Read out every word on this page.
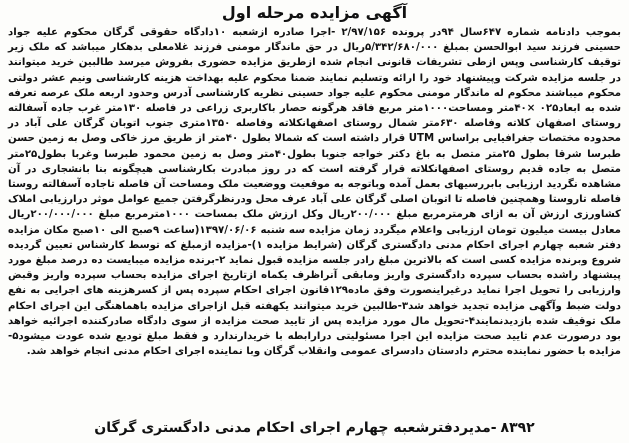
آگهی مزایده مرحله اول

بموجب دادنامه شماره ۶۴۷سال ۹۴در پرونده ۲/۹۷/۱۵۶ -اجرا صادره ازشعبه ۱۰دادگاه حقوقی گرگان محکوم علیه جواد حسینی فرزند سید ابوالحسن بمبلغ ۵/۳۴۲/۶۸۰/۰۰۰ریال در حق ماندگار مومنی فرزند غلامعلی بدهکار میباشد که ملک زیر توقیف کارشناسی وپس ازطی تشریفات قانونی انجام شده ازطریق مزایده حضوری بفروش میرسد طالبین خرید میتوانند در جلسه مزایده شرکت وپیشنهاد خود را ارائه وتسلیم نمایند ضمنا محکوم علیه بهداخت هزینه کارشناسی ونیم عشر دولتی محکوم میباشند محکوم له ماندگار مومنی محکوم علیه جواد حسینی نظریه کارشناسی آدرس وحدود اربعه ملک عرصه تعرفه شده به ابعاد۰۲۵ ×۴۰متر ومساحت۱۰۰۰متر مربع فاقد هرگونه حصار باکاربری زراعی در فاصله ۱۳۰متر غرب جاده آسفالته روستای اصفهان کلاته وفاصله ۶۳۰متر شمال روستای اصفهانکلاته وفاصله ۱۳۵۰متری جنوب اتوبان گرگان علی آباد در محدوده مختصات جغرافیایی براساس UTM قرار داشته است که شمالا بطول ۴۰متر از طریق مرز خاکی وصل به زمین حسن طبرسا شرقا بطول ۲۵متر متصل به باغ دکتر خواجه جنوبا بطول۴۰متر وصل به زمین محمود طبرسا وغربا بطول۲۵متر متصل به جاده قدیم روستای اصفهانکلاته قرار گرفته است که در روز مبادرت بکارشناسی هیچگونه بنا بانشجاری در آن مشاهده نگردید ارزیابی بابررسیهای بعمل آمده وباتوجه به موقعیت ووضعیت ملک ومساحت آن فاصله تاجاده آسفالته روستا فاصله تاروستا وهمچنین فاصله تا اتوبان اصلی گرگان علی آباد عرف محل ودرنظرگرفتن جمیع عوامل موثر درارزیابی املاک کشاورزی ارزش آن به ازای هرمترمربع مبلغ ۲۰۰/۰۰۰ریال وکل ارزش ملک بمساحت ۱۰۰۰مترمربع مبلغ ۲۰۰/۰۰۰/۰۰۰ریال معادل بیست میلیون تومان ارزیابی واعلام میگردد زمان مزایده سه شنبه ۱۳۹۷/۰۶/۰۶(ساعت ۹صبح الی ۱۰صبح مکان مزایده دفتر شعبه چهارم اجرای احکام مدنی دادگستری گرگان (شرایط مزایده ۱)-مزایده ازمبلغ که توسط کارشناس تعیین گردیده شروع وبرنده مزایده کسی است که بالاترین مبلغ رادر جلسه مزایده قبول نماید ۲-برنده مزایده میبایست ده درصد مبلغ مورد پیشنهاد راشده بحساب سپرده دادگستری واریز ومابقی آنراظرف یکماه ازتاریخ اجرای مزایده بحساب سپرده واریز وقبض وارزیابی را تحویل اجرا نماید درغیراینصورت وفق ماده۱۲۹قانون اجرای احکام سپرده پس از کسرهزینه های اجرایی به نفع دولت ضبط وآگهی مزایده تجدید خواهد شد۳-طالبین خرید میتوانند یکهفته قبل ازاجرای مزایده باهماهنگی این اجرای احکام ملک توقیف شده بازدیدنمایند۴-تحویل مال مورد مزایده پس از تایید صحت مزایده از سوی دادگاه صادرکننده اجرائیه خواهد بود درصورت عدم تایید صحت مزایده این اجرا مسئولیتی درارابطه با خریدارندارد و فقط مبلغ تودیع شده عودت میشود۵-مزایده با حضور نماینده محترم دادستان دادسرای عمومی وانقلاب گرگان وبا نماینده اجرای احکام مدنی انجام خواهد شد.

۸۳۹۲-مدیردفترشعبه چهارم اجرای احکام مدنی دادگستری گرگان
